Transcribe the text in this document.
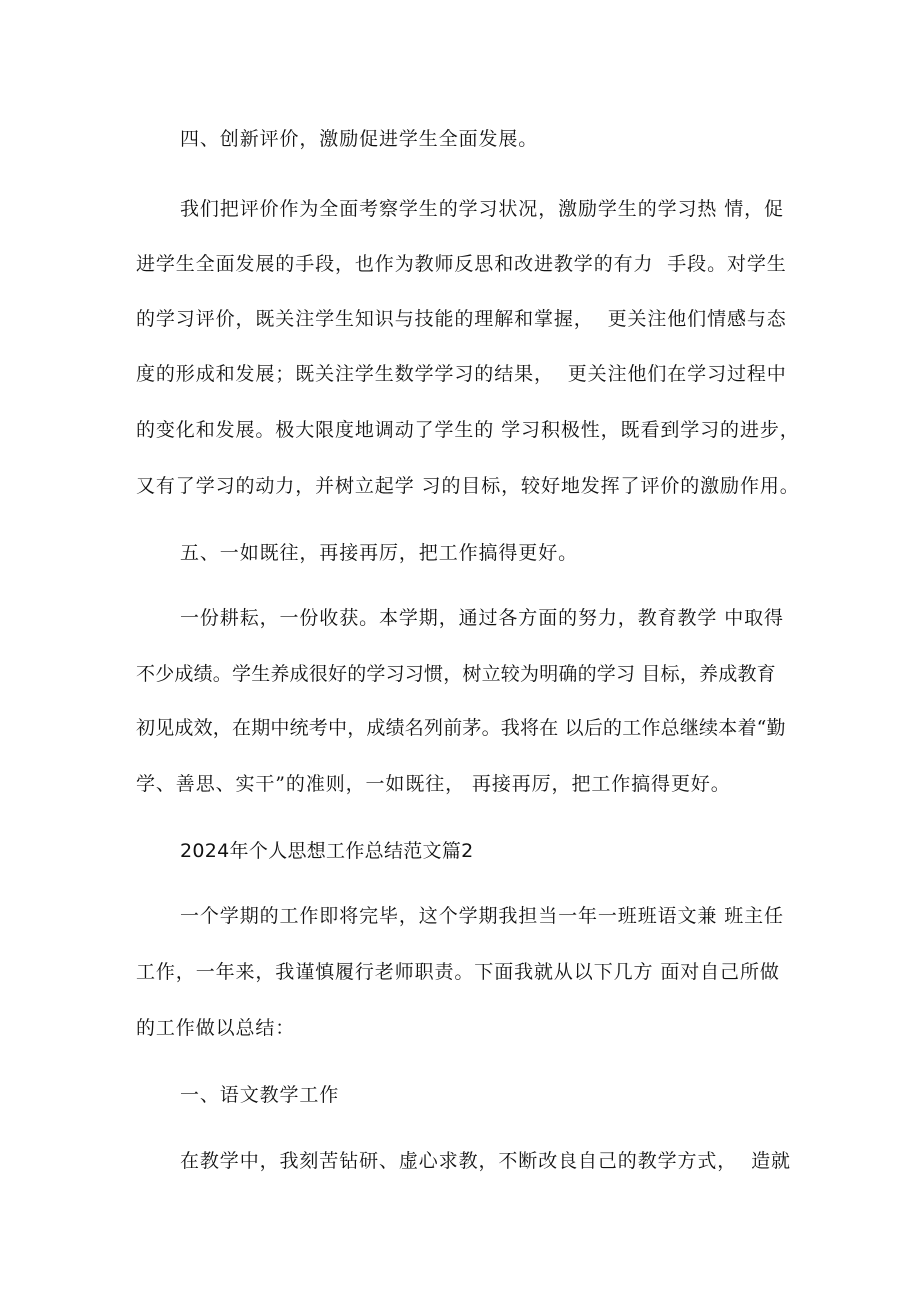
四、创新评价，激励促进学生全面发展。
我们把评价作为全面考察学生的学习状况，激励学生的学习热 情，促
进学生全面发展的手段，也作为教师反思和改进教学的有力  手段。对学生
的学习评价，既关注学生知识与技能的理解和掌握，  更关注他们情感与态
度的形成和发展；既关注学生数学学习的结果，  更关注他们在学习过程中
的变化和发展。极大限度地调动了学生的 学习积极性，既看到学习的进步，
又有了学习的动力，并树立起学 习的目标，较好地发挥了评价的激励作用。
五、一如既往，再接再厉，把工作搞得更好。
一份耕耘，一份收获。本学期，通过各方面的努力，教育教学 中取得
不少成绩。学生养成很好的学习习惯，树立较为明确的学习 目标，养成教育
初见成效，在期中统考中，成绩名列前茅。我将在 以后的工作总继续本着“勤
学、善思、实干”的准则，一如既往， 再接再厉，把工作搞得更好。
2024年个人思想工作总结范文篇2
一个学期的工作即将完毕，这个学期我担当一年一班班语文兼 班主任
工作，一年来，我谨慎履行老师职责。下面我就从以下几方 面对自己所做
的工作做以总结：
一、语文教学工作
在教学中，我刻苦钻研、虚心求教，不断改良自己的教学方式，  造就
